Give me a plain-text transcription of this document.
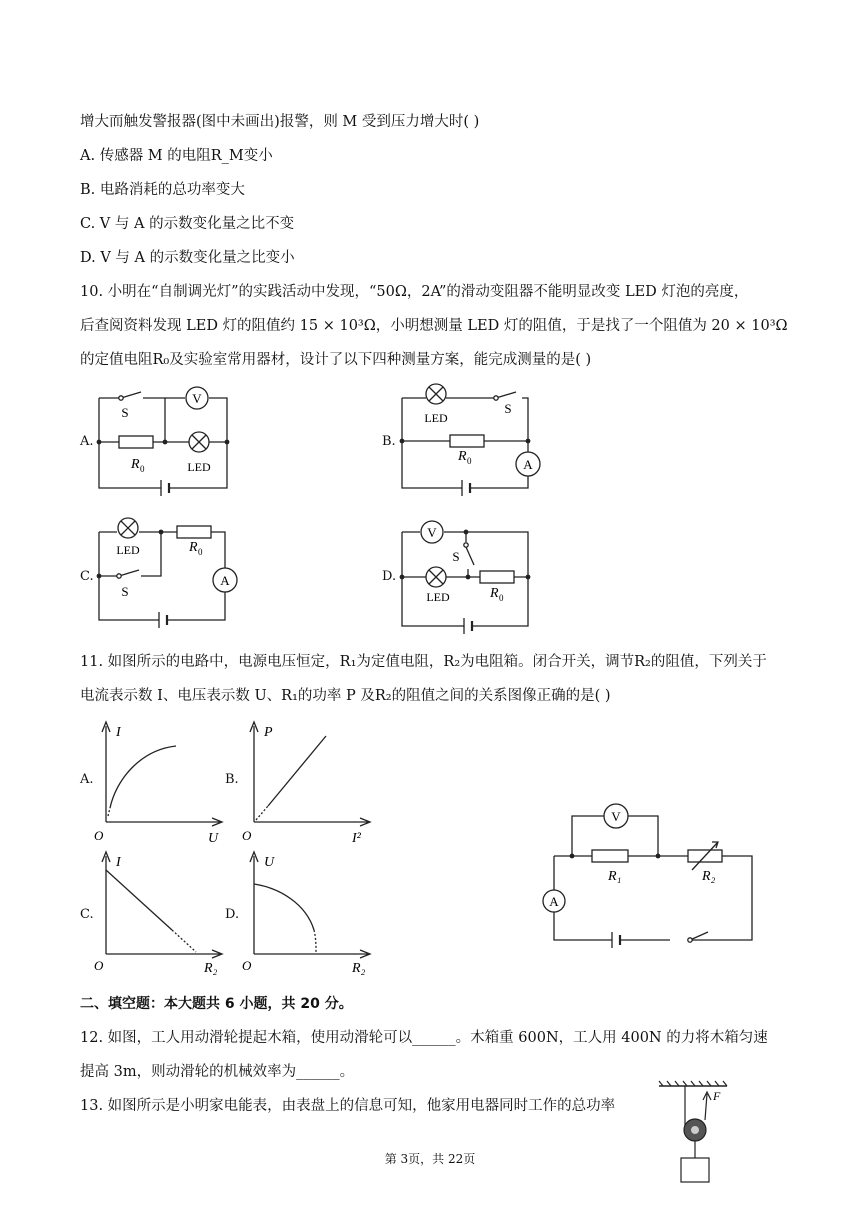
增大而触发警报器(图中未画出)报警，则 M 受到压力增大时( )
A. 传感器 M 的电阻R_M变小
B. 电路消耗的总功率变大
C. V 与 A 的示数变化量之比不变
D. V 与 A 的示数变化量之比变小
10. 小明在“自制调光灯”的实践活动中发现，“50Ω，2A”的滑动变阻器不能明显改变 LED 灯泡的亮度，
后查阅资料发现 LED 灯的阻值约 15 × 10³Ω，小明想测量 LED 灯的阻值，于是找了一个阻值为 20 × 10³Ω
的定值电阻R₀及实验室常用器材，设计了以下四种测量方案，能完成测量的是( )
A.	B.
C.	D.
V
S
R 0	LED
LED
S
R 0	A
LED	R 0
S
A
V
S
LED	R 0
11. 如图所示的电路中，电源电压恒定，R₁为定值电阻，R₂为电阻箱。闭合开关，调节R₂的阻值，下列关于
电流表示数 I、电压表示数 U、R₁的功率 P 及R₂的阻值之间的关系图像正确的是( )
A.	B.
C.	D.
I
U
O
P
I²
O
I
R₂
O
U
R₂
O
V
A
R₁	R₂
二、填空题：本大题共 6 小题，共 20 分。
12. 如图，工人用动滑轮提起木箱，使用动滑轮可以______。木箱重 600N，工人用 400N 的力将木箱匀速
提高 3m，则动滑轮的机械效率为______。
13. 如图所示是小明家电能表，由表盘上的信息可知，他家用电器同时工作的总功率
F
第 3页，共 22页
